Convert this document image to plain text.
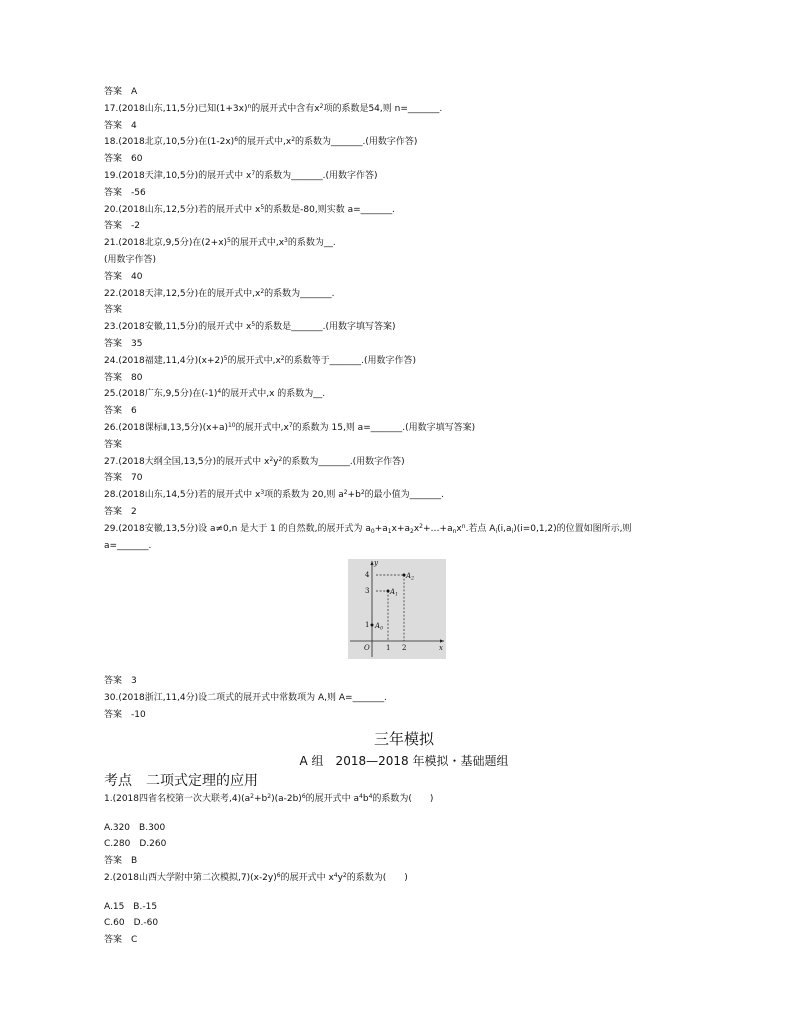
答案　A
17.(2018山东,11,5分)已知$(1+3x)^n$的展开式中含有$x^2$项的系数是54,则 n=_______.
答案　4
18.(2018北京,10,5分)在$(1-2x)^6$的展开式中$,x^2$的系数为_______.(用数字作答)
答案　60
19.(2018天津,10,5分)的展开式中 $x^7$的系数为_______.(用数字作答)
答案　-56
20.(2018山东,12,5分)若的展开式中 $x^5$的系数是-80,则实数 a=_______.
答案　-2
21.(2018北京,9,5分)在$(2+x)^5$的展开式中$,x^3$的系数为__.
(用数字作答)
答案　40
22.(2018天津,12,5分)在的展开式中$,x^2$的系数为_______.
答案
23.(2018安徽,11,5分)的展开式中 $x^5$的系数是_______.(用数字填写答案)
答案　35
24.(2018福建,11,4分)$(x+2)^5$的展开式中$,x^2$的系数等于_______.(用数字作答)
答案　80
25.(2018广东,9,5分)在$(-1)^4$的展开式中,x 的系数为__.
答案　6
26.(2018课标Ⅱ,13,5分)$(x+a)^{10}$的展开式中$,x^7$的系数为 15,则 a=_______.(用数字填写答案)
答案
27.(2018大纲全国,13,5分)的展开式中 $x^2y^2$的系数为_______.(用数字作答)
答案　70
28.(2018山东,14,5分)若的展开式中 $x^3$项的系数为 20,则 $a^2+b^2$的最小值为_______.
答案　2
29.(2018安徽,13,5分)设 a≠0,n 是大于 1 的自然数,的展开式为 $a_0+a_1x+a_2x^2+\dots+a_nx^n$.若点 $A_i(i,a_i)(i=0,1,2)$的位置如图所示,则
a=_______.
y
x
O
$A_2$
$A_1$
$A_0$
1 2
1
3
4
答案　3
30.(2018浙江,11,4分)设二项式的展开式中常数项为 A,则 A=_______.
答案　-10
三年模拟
A 组　2018—2018 年模拟・基础题组
考点　二项式定理的应用
1.(2018四省名校第一次大联考$,4)(a^2+b^2)(a-2b)^6$的展开式中 $a^4b^4$的系数为(　　)
A.320　B.300
C.280　D.260
答案　B
2.(2018山西大学附中第二次模拟$,7)(x-2y)^6$的展开式中 $x^4y^2$的系数为(　　)
A.15　B.-15
C.60　D.-60
答案　C
